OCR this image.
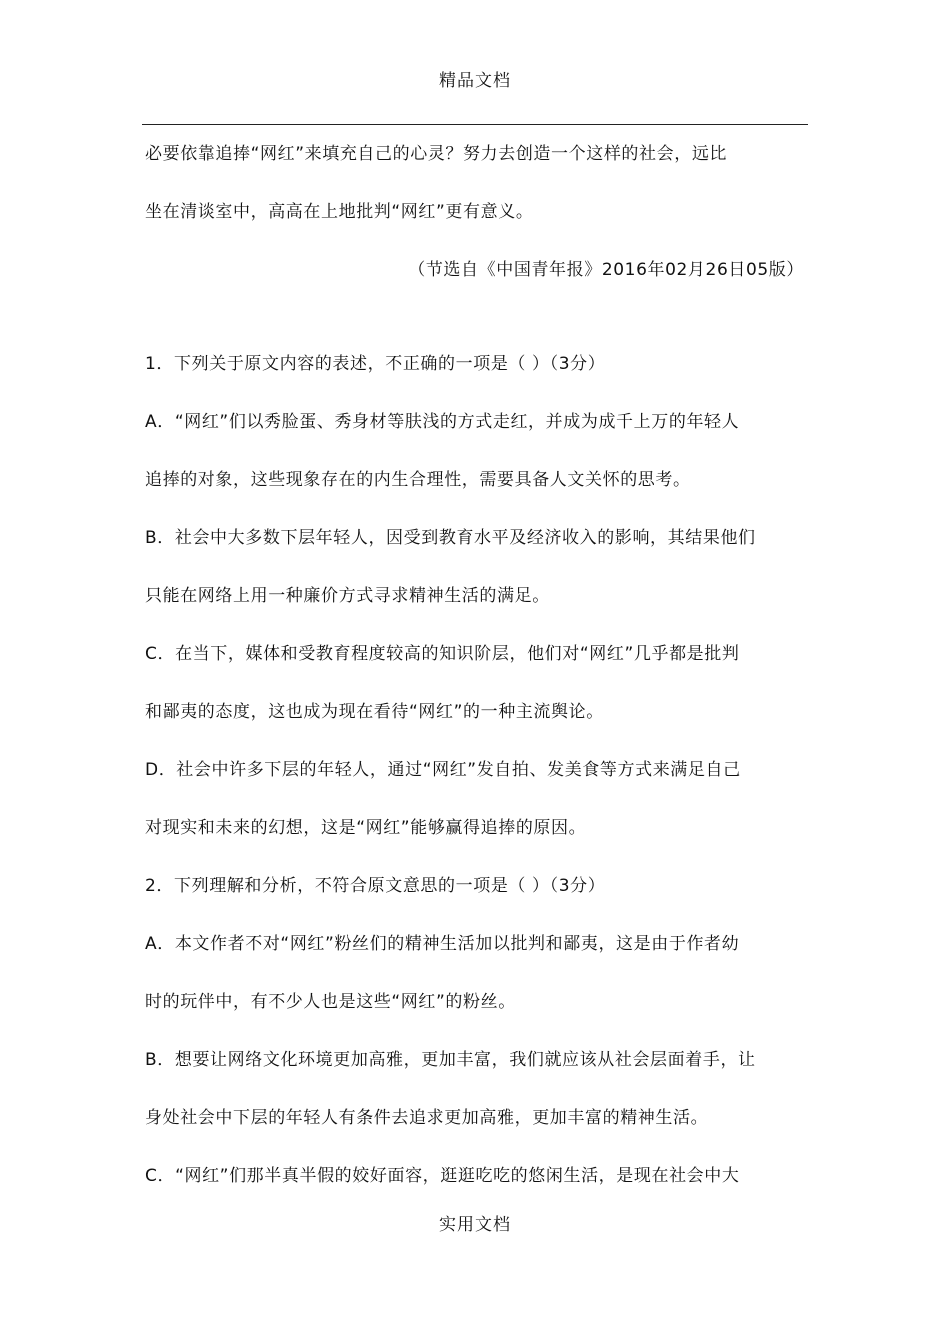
精品文档
必要依靠追捧“网红”来填充自己的心灵？努力去创造一个这样的社会，远比
坐在清谈室中，高高在上地批判“网红”更有意义。
（节选自《中国青年报》2016年02月26日05版）
1．下列关于原文内容的表述，不正确的一项是（ ）（3分）
A．“网红”们以秀脸蛋、秀身材等肤浅的方式走红，并成为成千上万的年轻人
追捧的对象，这些现象存在的内生合理性，需要具备人文关怀的思考。
B．社会中大多数下层年轻人，因受到教育水平及经济收入的影响，其结果他们
只能在网络上用一种廉价方式寻求精神生活的满足。
C．在当下，媒体和受教育程度较高的知识阶层，他们对“网红”几乎都是批判
和鄙夷的态度，这也成为现在看待“网红”的一种主流舆论。
D．社会中许多下层的年轻人，通过“网红”发自拍、发美食等方式来满足自己
对现实和未来的幻想，这是“网红”能够赢得追捧的原因。
2．下列理解和分析，不符合原文意思的一项是（ ）（3分）
A．本文作者不对“网红”粉丝们的精神生活加以批判和鄙夷，这是由于作者幼
时的玩伴中，有不少人也是这些“网红”的粉丝。
B．想要让网络文化环境更加高雅，更加丰富，我们就应该从社会层面着手，让
身处社会中下层的年轻人有条件去追求更加高雅，更加丰富的精神生活。
C．“网红”们那半真半假的姣好面容，逛逛吃吃的悠闲生活，是现在社会中大
实用文档
